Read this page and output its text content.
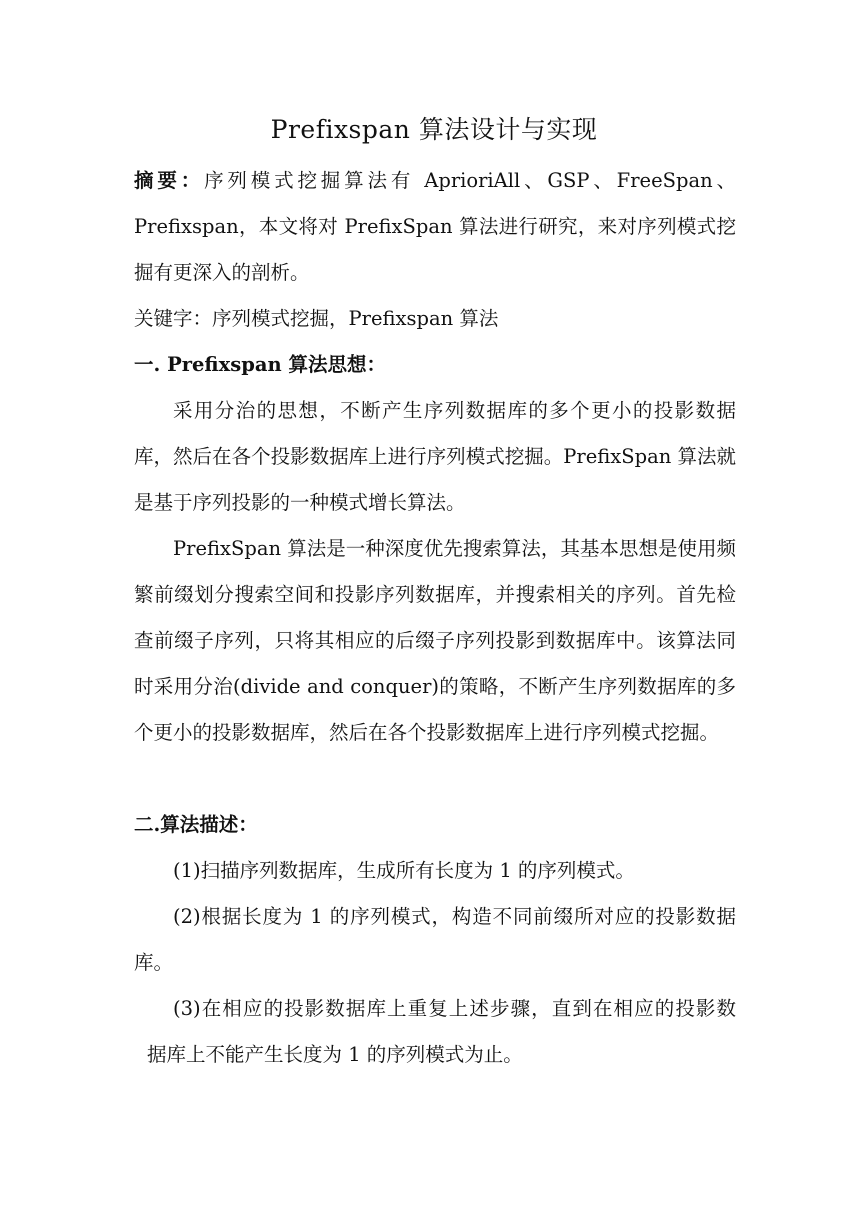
Prefixspan 算法设计与实现

摘要：序列模式挖掘算法有 AprioriAll、GSP、FreeSpan、Prefixspan，本文将对 PrefixSpan 算法进行研究，来对序列模式挖掘有更深入的剖析。

关键字：序列模式挖掘，Prefixspan 算法

一. Prefixspan 算法思想：

采用分治的思想，不断产生序列数据库的多个更小的投影数据库，然后在各个投影数据库上进行序列模式挖掘。PrefixSpan 算法就是基于序列投影的一种模式增长算法。

PrefixSpan 算法是一种深度优先搜索算法，其基本思想是使用频繁前缀划分搜索空间和投影序列数据库，并搜索相关的序列。首先检查前缀子序列，只将其相应的后缀子序列投影到数据库中。该算法同时采用分治(divide and conquer)的策略，不断产生序列数据库的多个更小的投影数据库，然后在各个投影数据库上进行序列模式挖掘。

二.算法描述：

(1)扫描序列数据库，生成所有长度为 1 的序列模式。

(2)根据长度为 1 的序列模式，构造不同前缀所对应的投影数据库。

(3)在相应的投影数据库上重复上述步骤，直到在相应的投影数
据库上不能产生长度为 1 的序列模式为止。
